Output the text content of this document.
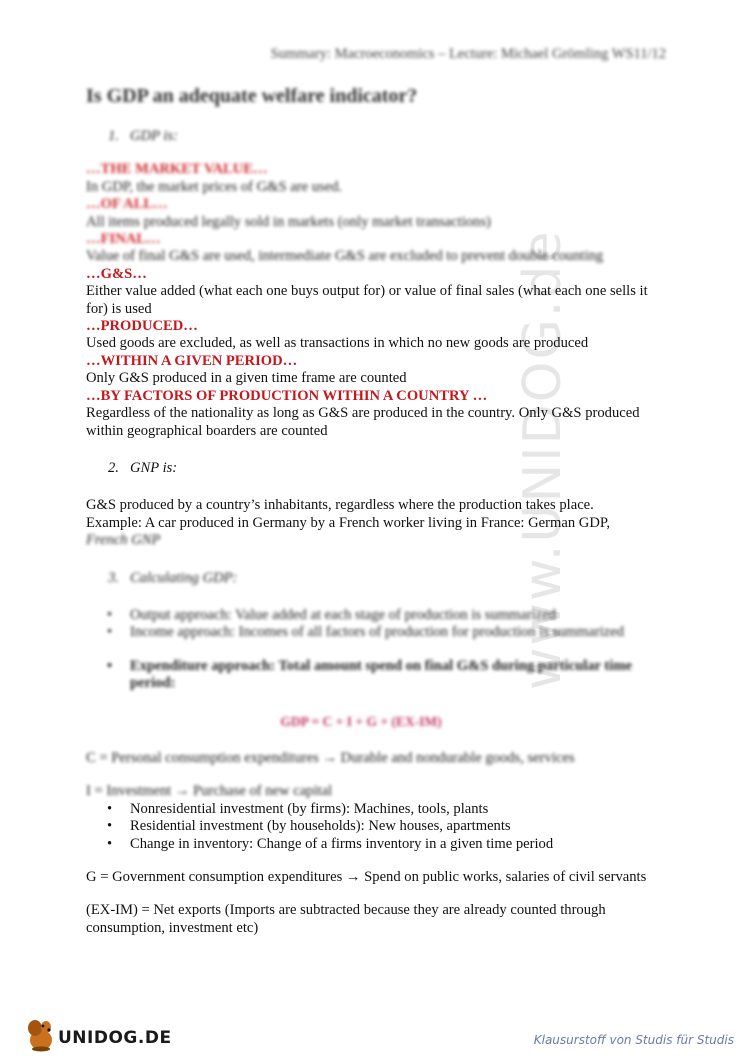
www.UNIDOG.de
Summary: Macroeconomics – Lecture: Michael Grömling WS11/12
Is GDP an adequate welfare indicator?
1. GDP is:

…THE MARKET VALUE…

In GDP, the market prices of G&S are used.

…OF ALL…

All items produced legally sold in markets (only market transactions)

…FINAL…

Value of final G&S are used, intermediate G&S are excluded to prevent double counting

…G&S…

Either value added (what each one buys output for) or value of final sales (what each one sells it for) is used

…PRODUCED…

Used goods are excluded, as well as transactions in which no new goods are produced

…WITHIN A GIVEN PERIOD…

Only G&S produced in a given time frame are counted

…BY FACTORS OF PRODUCTION WITHIN A COUNTRY …

Regardless of the nationality as long as G&S are produced in the country. Only G&S produced within geographical boarders are counted

2. GNP is:

G&S produced by a country’s inhabitants, regardless where the production takes place.

Example: A car produced in Germany by a French worker living in France: German GDP,

French GNP

3. Calculating GDP:
• Output approach: Value added at each stage of production is summarized
• Income approach: Incomes of all factors of production for production is summarized
• Expenditure approach: Total amount spend on final G&S during particular time period:
GDP = C + I + G + (EX-IM)

C = Personal consumption expenditures → Durable and nondurable goods, services

I = Investment → Purchase of new capital

• Nonresidential investment (by firms): Machines, tools, plants
• Residential investment (by households): New houses, apartments
• Change in inventory: Change of a firms inventory in a given time period

G = Government consumption expenditures → Spend on public works, salaries of civil servants

(EX-IM) = Net exports (Imports are subtracted because they are already counted through consumption, investment etc)

UNIDOG.DE	Klausurstoff von Studis für Studis
